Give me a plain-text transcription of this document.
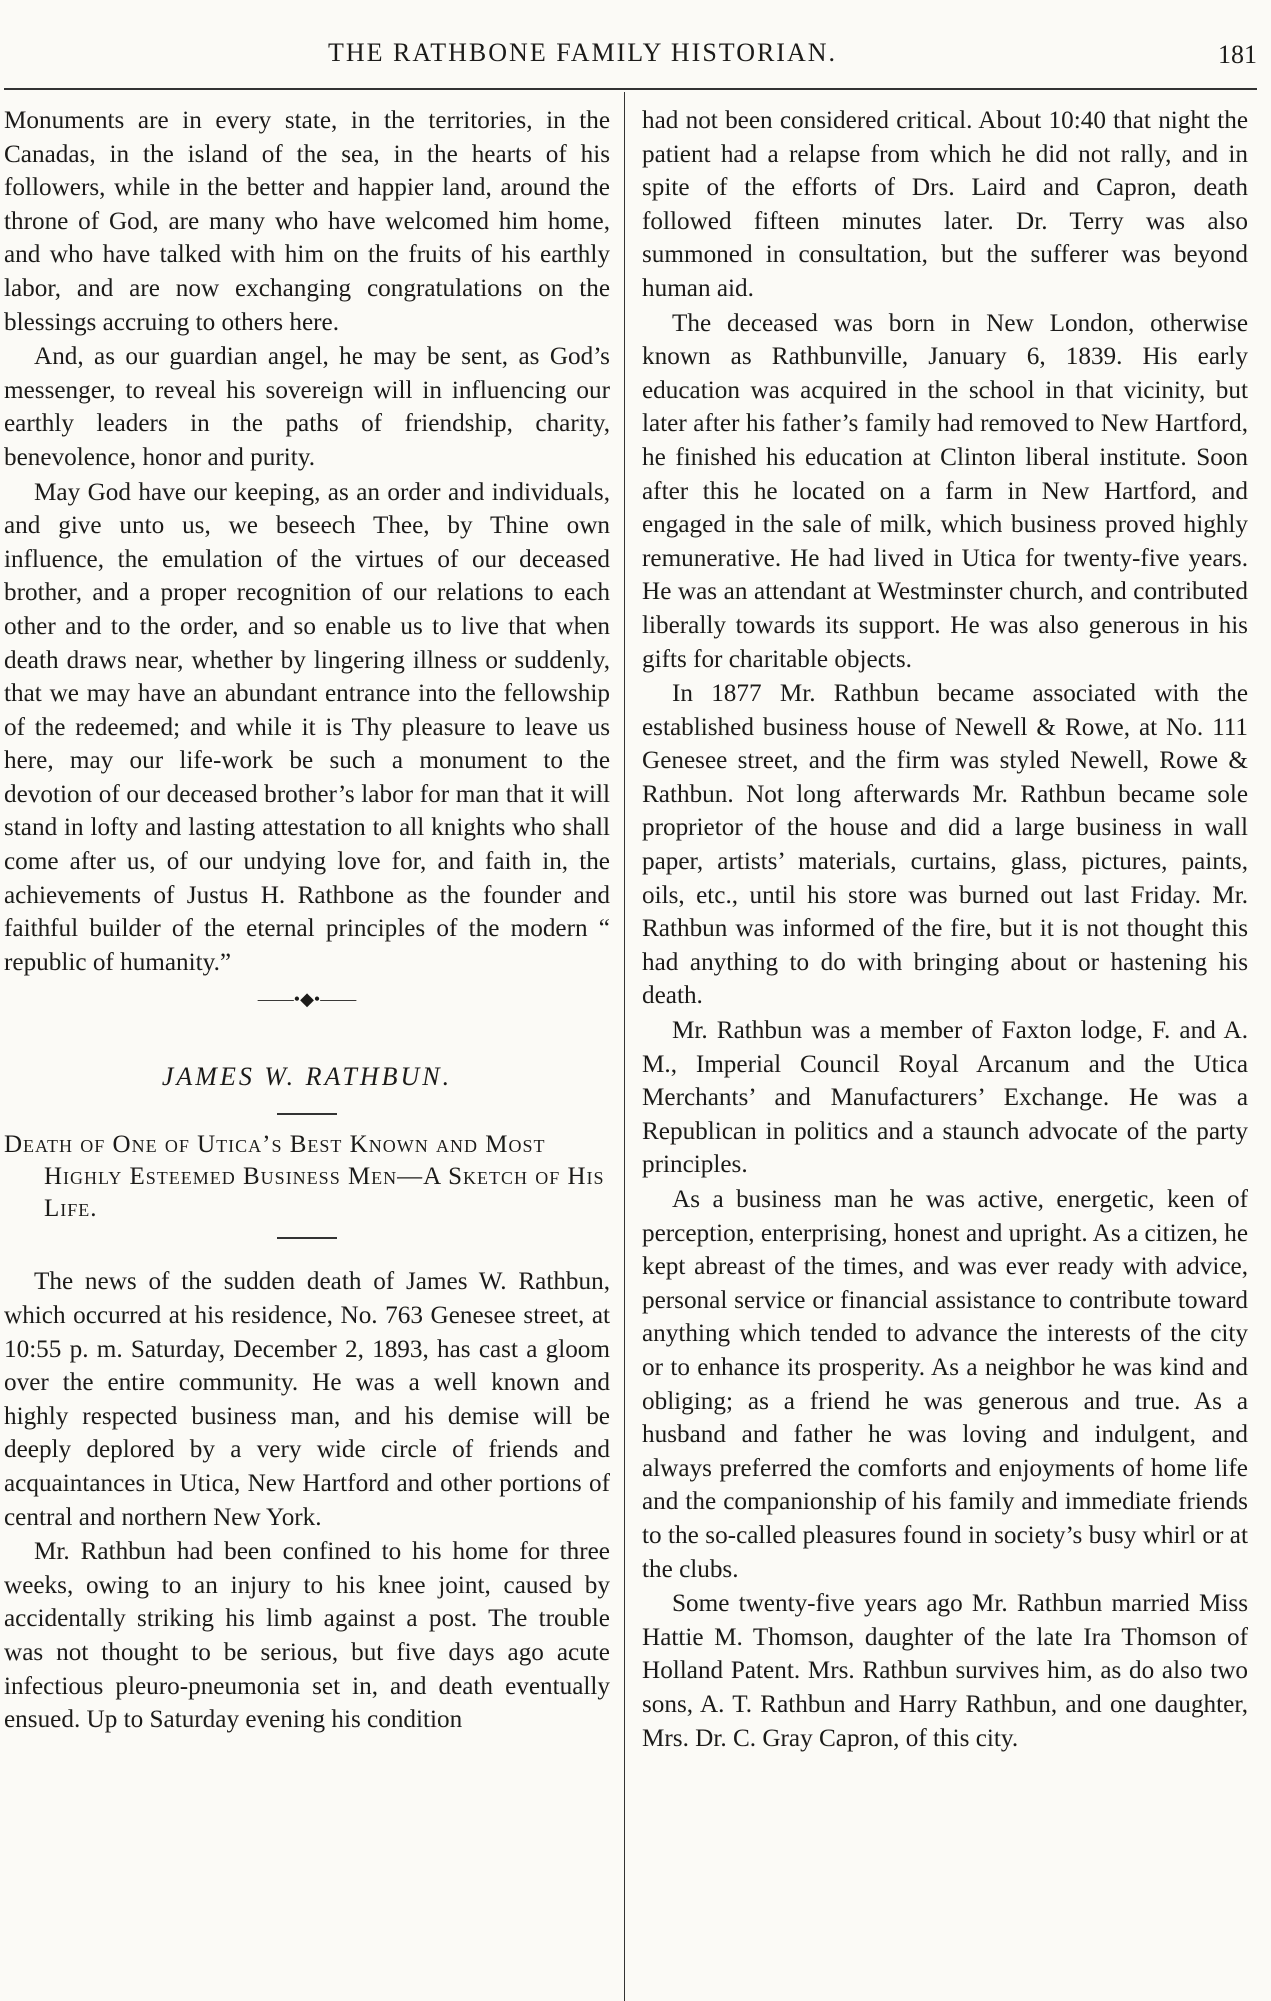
THE RATHBONE FAMILY HISTORIAN.	181

Monuments are in every state, in the territories, in the Canadas, in the island of the sea, in the hearts of his followers, while in the better and happier land, around the throne of God, are many who have welcomed him home, and who have talked with him on the fruits of his earthly labor, and are now exchanging congratulations on the blessings accruing to others here.

And, as our guardian angel, he may be sent, as God’s messenger, to reveal his sovereign will in influencing our earthly leaders in the paths of friendship, charity, benevolence, honor and purity.

May God have our keeping, as an order and individuals, and give unto us, we beseech Thee, by Thine own influence, the emulation of the virtues of our deceased brother, and a proper recognition of our relations to each other and to the order, and so enable us to live that when death draws near, whether by lingering illness or suddenly, that we may have an abundant entrance into the fellowship of the redeemed; and while it is Thy pleasure to leave us here, may our life-work be such a monument to the devotion of our deceased brother’s labor for man that it will stand in lofty and lasting attestation to all knights who shall come after us, of our undying love for, and faith in, the achievements of Justus H. Rathbone as the founder and faithful builder of the eternal principles of the modern “ republic of humanity.”

——•◆•——
JAMES W. RATHBUN.
Death of One of Utica’s Best Known and Most Highly Esteemed Business Men—A Sketch of His Life.

The news of the sudden death of James W. Rathbun, which occurred at his residence, No. 763 Genesee street, at 10:55 p. m. Saturday, December 2, 1893, has cast a gloom over the entire community. He was a well known and highly respected business man, and his demise will be deeply deplored by a very wide circle of friends and acquaintances in Utica, New Hartford and other portions of central and northern New York.

Mr. Rathbun had been confined to his home for three weeks, owing to an injury to his knee joint, caused by accidentally striking his limb against a post. The trouble was not thought to be serious, but five days ago acute infectious pleuro-pneumonia set in, and death eventually ensued. Up to Saturday evening his condition

had not been considered critical. About 10:40 that night the patient had a relapse from which he did not rally, and in spite of the efforts of Drs. Laird and Capron, death followed fifteen minutes later. Dr. Terry was also summoned in consultation, but the sufferer was beyond human aid.

The deceased was born in New London, otherwise known as Rathbunville, January 6, 1839. His early education was acquired in the school in that vicinity, but later after his father’s family had removed to New Hartford, he finished his education at Clinton liberal institute. Soon after this he located on a farm in New Hartford, and engaged in the sale of milk, which business proved highly remunerative. He had lived in Utica for twenty-five years. He was an attendant at Westminster church, and contributed liberally towards its support. He was also generous in his gifts for charitable objects.

In 1877 Mr. Rathbun became associated with the established business house of Newell & Rowe, at No. 111 Genesee street, and the firm was styled Newell, Rowe & Rathbun. Not long afterwards Mr. Rathbun became sole proprietor of the house and did a large business in wall paper, artists’ materials, curtains, glass, pictures, paints, oils, etc., until his store was burned out last Friday. Mr. Rathbun was informed of the fire, but it is not thought this had anything to do with bringing about or hastening his death.

Mr. Rathbun was a member of Faxton lodge, F. and A. M., Imperial Council Royal Arcanum and the Utica Merchants’ and Manufacturers’ Exchange. He was a Republican in politics and a staunch advocate of the party principles.

As a business man he was active, energetic, keen of perception, enterprising, honest and upright. As a citizen, he kept abreast of the times, and was ever ready with advice, personal service or financial assistance to contribute toward anything which tended to advance the interests of the city or to enhance its prosperity. As a neighbor he was kind and obliging; as a friend he was generous and true. As a husband and father he was loving and indulgent, and always preferred the comforts and enjoyments of home life and the companionship of his family and immediate friends to the so-called pleasures found in society’s busy whirl or at the clubs.

Some twenty-five years ago Mr. Rathbun married Miss Hattie M. Thomson, daughter of the late Ira Thomson of Holland Patent. Mrs. Rathbun survives him, as do also two sons, A. T. Rathbun and Harry Rathbun, and one daughter, Mrs. Dr. C. Gray Capron, of this city.
